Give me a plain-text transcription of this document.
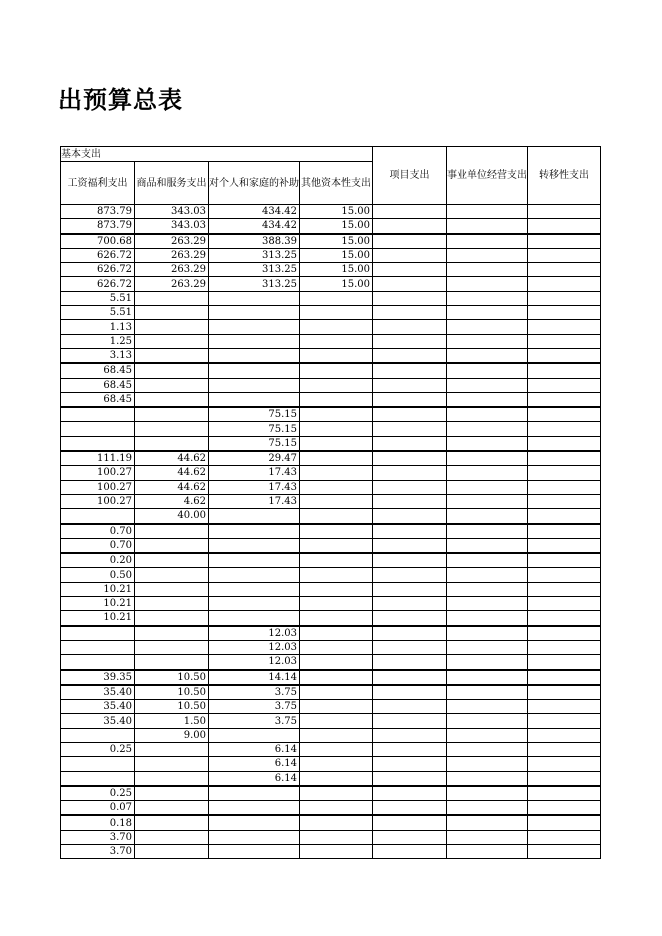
出预算总表
基本支出				项目支出	事业单位经营支出	转移性支出
工资福利支出	商品和服务支出	对个人和家庭的补助	其他资本性支出			
873.79	343.03	434.42	15.00			
873.79	343.03	434.42	15.00			
700.68	263.29	388.39	15.00			
626.72	263.29	313.25	15.00			
626.72	263.29	313.25	15.00			
626.72	263.29	313.25	15.00			
5.51						
5.51						
1.13						
1.25						
3.13						
68.45						
68.45						
68.45						
		75.15				
		75.15				
		75.15				
111.19	44.62	29.47				
100.27	44.62	17.43				
100.27	44.62	17.43				
100.27	4.62	17.43				
	40.00					
0.70						
0.70						
0.20						
0.50						
10.21						
10.21						
10.21						
		12.03				
		12.03				
		12.03				
39.35	10.50	14.14				
35.40	10.50	3.75				
35.40	10.50	3.75				
35.40	1.50	3.75				
	9.00					
0.25		6.14				
		6.14				
		6.14				
0.25						
0.07						
0.18						
3.70						
3.70						
